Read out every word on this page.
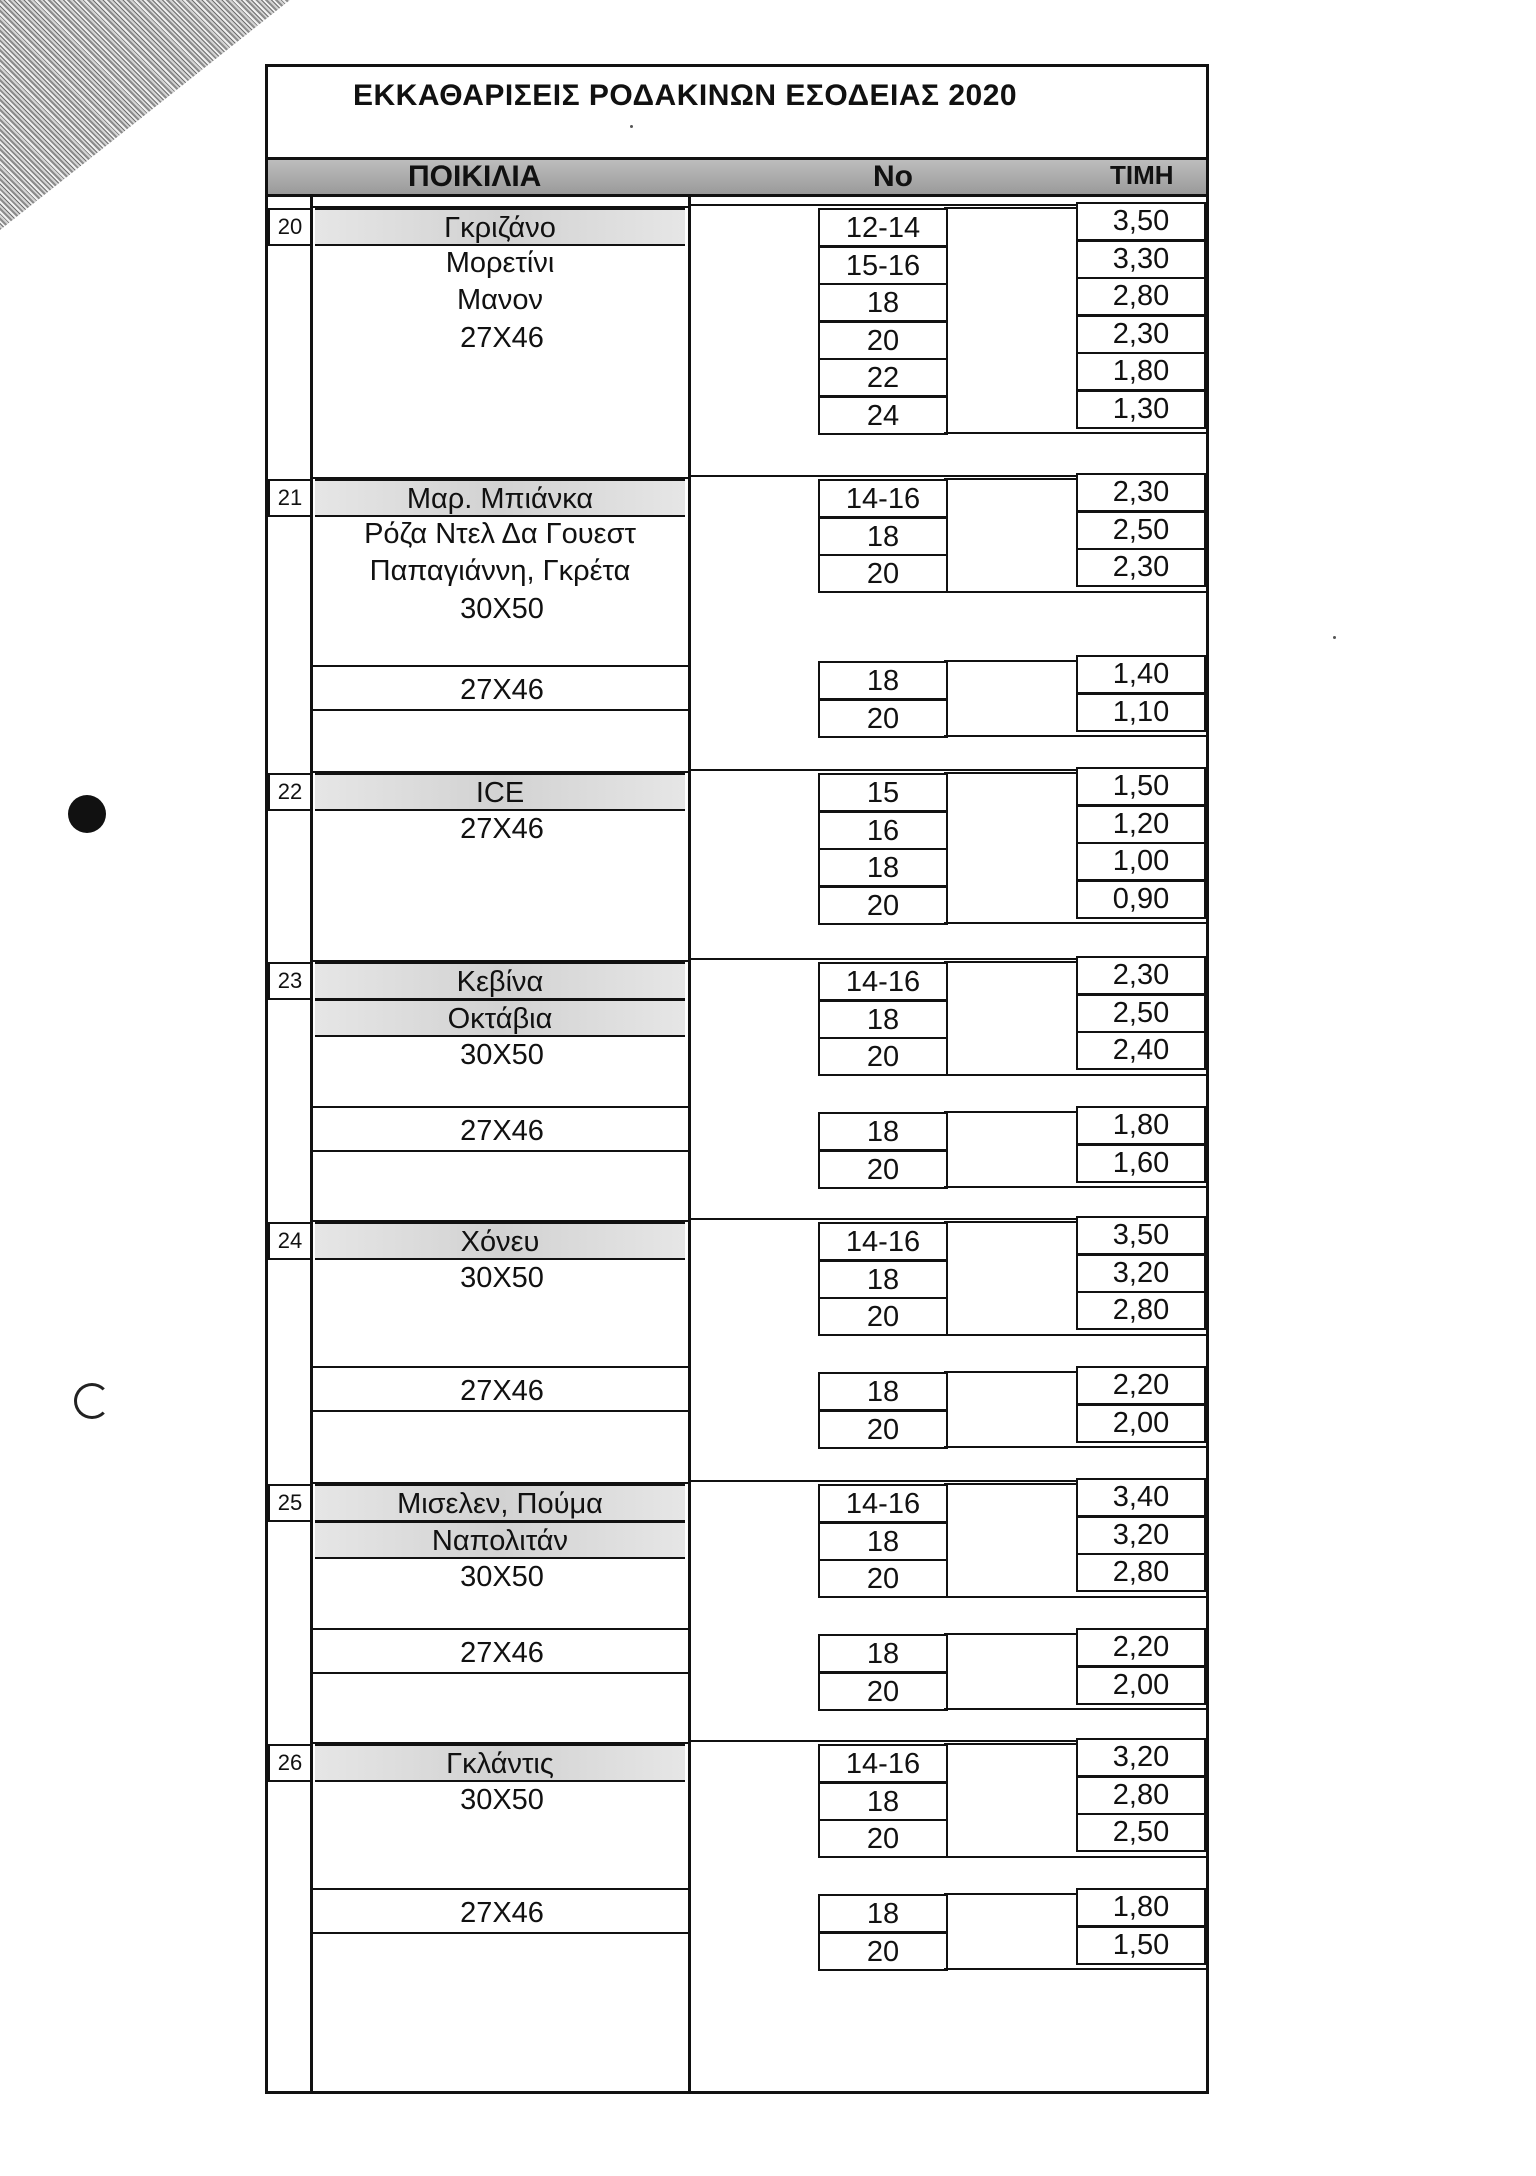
ΕΚΚΑΘΑΡΙΣΕΙΣ ΡΟΔΑΚΙΝΩΝ ΕΣΟΔΕΙΑΣ 2020
ΠΟΙΚΙΛΙΑ	Νο	ΤΙΜΗ
20	Γκριζάνο
Μορετίνι
Μανον
27Χ46
12-14	3,50
15-16	3,30
18	2,80
20	2,30
22	1,80
24	1,30
21	Μαρ. Μπιάνκα
Ρόζα Ντελ Δα Γουεστ
Παπαγιάννη, Γκρέτα
30Χ50
14-16	2,30
18	2,50
20	2,30
27Χ46	18	1,40
20	1,10
22	ICE
27Χ46
15	1,50
16	1,20
18	1,00
20	0,90
23	Κεβίνα
Οκτάβια
30Χ50
14-16	2,30
18	2,50
20	2,40
27Χ46	18	1,80
20	1,60
24	Χόνευ
30Χ50
14-16	3,50
18	3,20
20	2,80
27Χ46	18	2,20
20	2,00
25	Μισελεν, Πούμα
Ναπολιτάν
30Χ50
14-16	3,40
18	3,20
20	2,80
27Χ46	18	2,20
20	2,00
26	Γκλάντις
30Χ50
14-16	3,20
18	2,80
20	2,50
27Χ46	18	1,80
20	1,50
